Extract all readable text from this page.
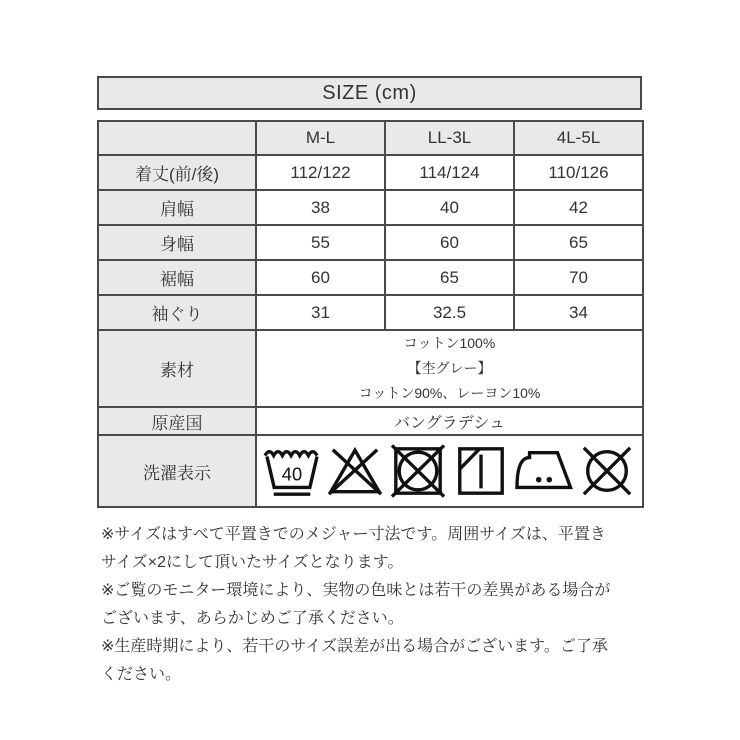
SIZE (cm)
	M-L	LL-3L	4L-5L
着丈(前/後)	112/122	114/124	110/126
肩幅	38	40	42
身幅	55	60	65
裾幅	60	65	70
袖ぐり	31	32.5	34
素材	コットン100%
【杢グレー】
コットン90%、レーヨン10%		

原産国	バングラデシュ		
洗濯表示	40		
※サイズはすべて平置きでのメジャー寸法です。周囲サイズは、平置き
サイズ×2にして頂いたサイズとなります。
※ご覧のモニター環境により、実物の色味とは若干の差異がある場合が
ございます、あらかじめご了承ください。
※生産時期により、若干のサイズ誤差が出る場合がございます。ご了承
ください。
